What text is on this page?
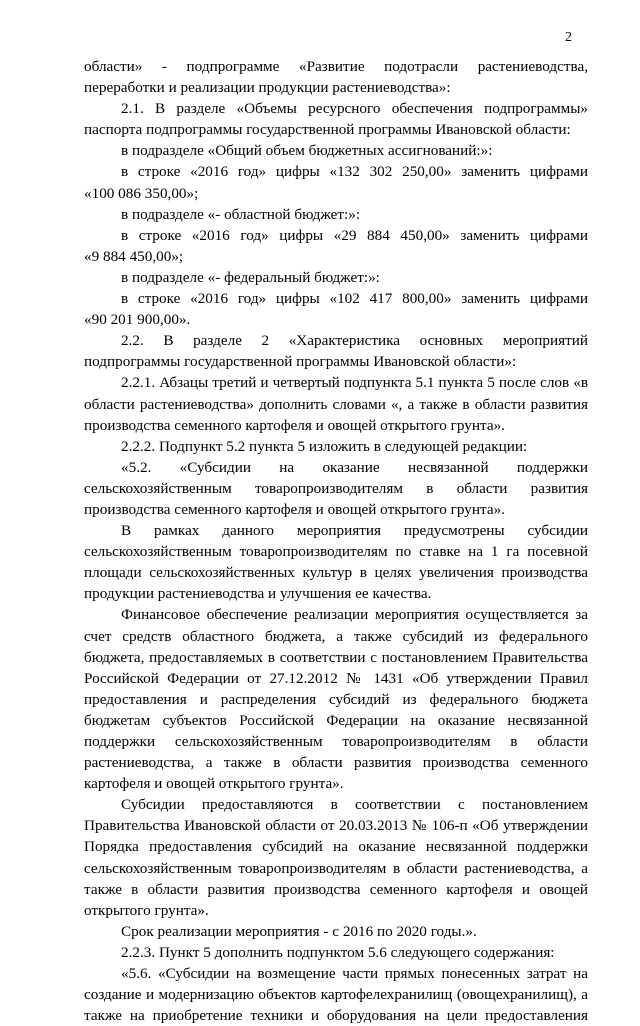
2
области» - подпрограмме «Развитие подотрасли растениеводства,
переработки и реализации продукции растениеводства»:
2.1. В разделе «Объемы ресурсного обеспечения подпрограммы»
паспорта подпрограммы государственной программы Ивановской области:
в подразделе «Общий объем бюджетных ассигнований:»:
в строке «2016 год» цифры «132 302 250,00» заменить цифрами
«100 086 350,00»;
в подразделе «- областной бюджет:»:
в строке «2016 год» цифры «29 884 450,00» заменить цифрами
«9 884 450,00»;
в подразделе «- федеральный бюджет:»:
в строке «2016 год» цифры «102 417 800,00» заменить цифрами
«90 201 900,00».
2.2. В разделе 2 «Характеристика основных мероприятий
подпрограммы государственной программы Ивановской области»:
2.2.1. Абзацы третий и четвертый подпункта 5.1 пункта 5 после слов «в
области растениеводства» дополнить словами «, а также в области развития
производства семенного картофеля и овощей открытого грунта».
2.2.2. Подпункт 5.2 пункта 5 изложить в следующей редакции:
«5.2. «Субсидии на оказание несвязанной поддержки
сельскохозяйственным товаропроизводителям в области развития
производства семенного картофеля и овощей открытого грунта».
В рамках данного мероприятия предусмотрены субсидии
сельскохозяйственным товаропроизводителям по ставке на 1 га посевной
площади сельскохозяйственных культур в целях увеличения производства
продукции растениеводства и улучшения ее качества.
Финансовое обеспечение реализации мероприятия осуществляется за
счет средств областного бюджета, а также субсидий из федерального
бюджета, предоставляемых в соответствии с постановлением Правительства
Российской Федерации от 27.12.2012 № 1431 «Об утверждении Правил
предоставления и распределения субсидий из федерального бюджета
бюджетам субъектов Российской Федерации на оказание несвязанной
поддержки сельскохозяйственным товаропроизводителям в области
растениеводства, а также в области развития производства семенного
картофеля и овощей открытого грунта».
Субсидии предоставляются в соответствии с постановлением
Правительства Ивановской области от 20.03.2013 № 106-п «Об утверждении
Порядка предоставления субсидий на оказание несвязанной поддержки
сельскохозяйственным товаропроизводителям в области растениеводства, а
также в области развития производства семенного картофеля и овощей
открытого грунта».
Срок реализации мероприятия - с 2016 по 2020 годы.».
2.2.3. Пункт 5 дополнить подпунктом 5.6 следующего содержания:
«5.6. «Субсидии на возмещение части прямых понесенных затрат на
создание и модернизацию объектов картофелехранилищ (овощехранилищ), а
также на приобретение техники и оборудования на цели предоставления
